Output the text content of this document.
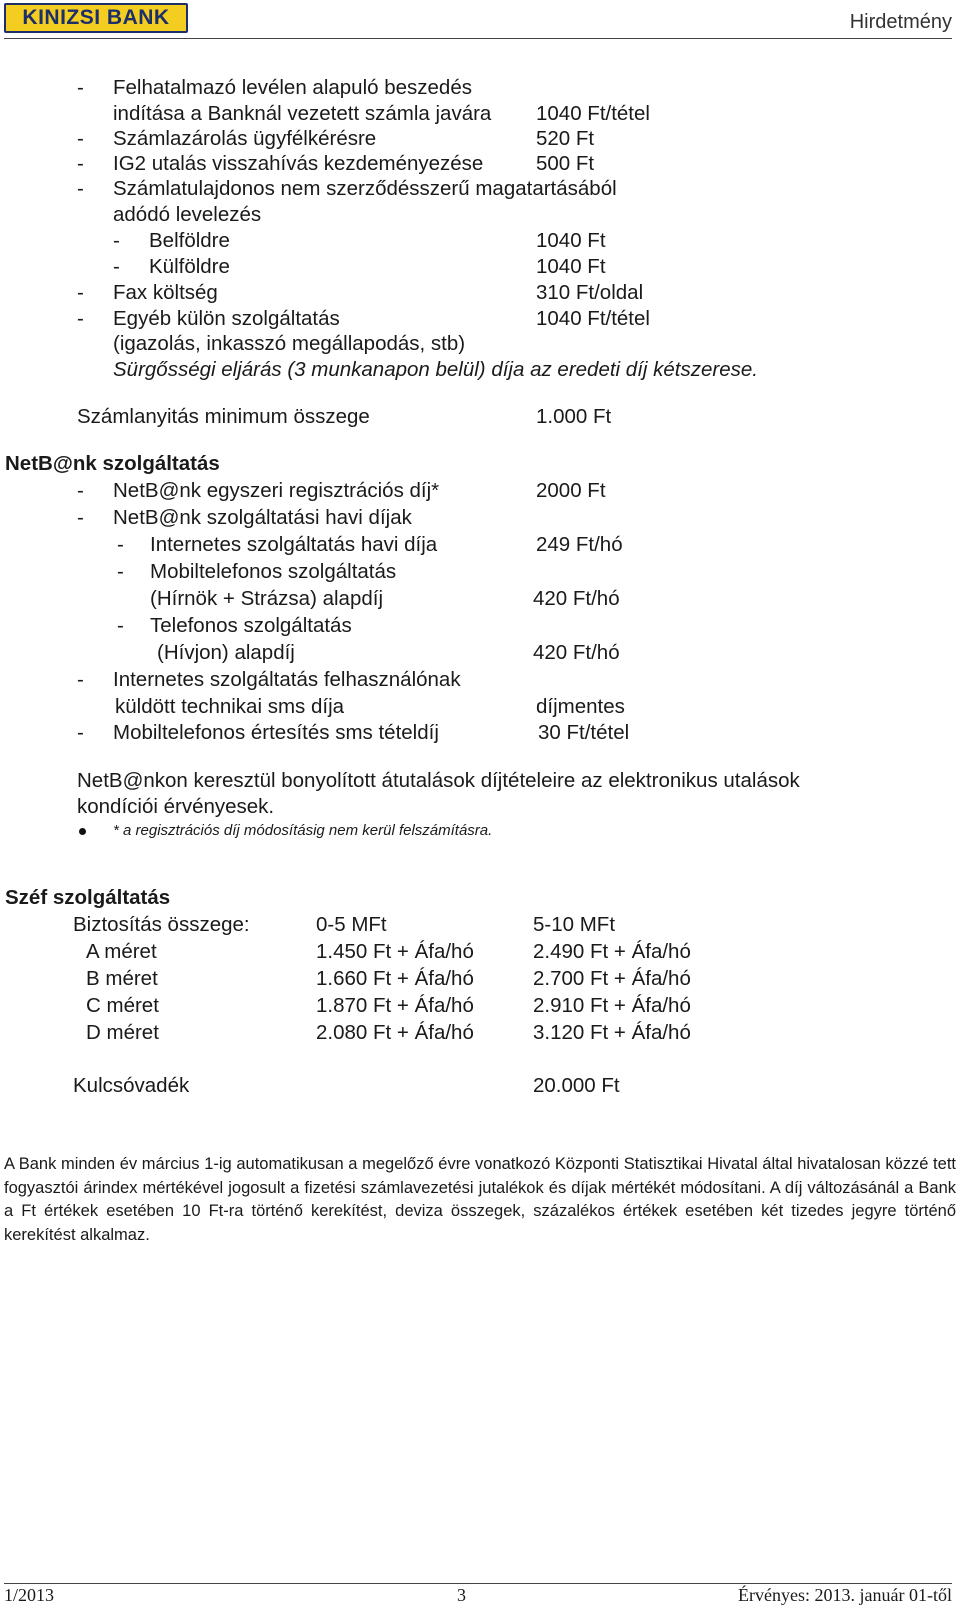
KINIZSI BANK	Hirdetmény
- Felhatalmazó levélen alapuló beszedés
indítása a Banknál vezetett számla javára 1040 Ft/tétel
- Számlazárolás ügyfélkérésre	520 Ft
- IG2 utalás visszahívás kezdeményezése	500 Ft
- Számlatulajdonos nem szerződésszerű magatartásából
adódó levelezés
- Belföldre	1040 Ft
- Külföldre	1040 Ft
- Fax költség	310 Ft/oldal
- Egyéb külön szolgáltatás	1040 Ft/tétel
(igazolás, inkasszó megállapodás, stb)
Sürgősségi eljárás (3 munkanapon belül) díja az eredeti díj kétszerese.
Számlanyitás minimum összege	1.000 Ft
NetB@nk szolgáltatás
- NetB@nk egyszeri regisztrációs díj*	2000 Ft
- NetB@nk szolgáltatási havi díjak
- Internetes szolgáltatás havi díja	249 Ft/hó
- Mobiltelefonos szolgáltatás
(Hírnök + Strázsa) alapdíj	420 Ft/hó
- Telefonos szolgáltatás
(Hívjon) alapdíj	420 Ft/hó
- Internetes szolgáltatás felhasználónak
küldött technikai sms díja	díjmentes
- Mobiltelefonos értesítés sms tételdíj	30 Ft/tétel
NetB@nkon keresztül bonyolított átutalások díjtételeire az elektronikus utalások
kondíciói érvényesek.
* a regisztrációs díj módosításig nem kerül felszámításra.
Széf szolgáltatás
Biztosítás összege:	0-5 MFt	5-10 MFt
A méret	1.450 Ft + Áfa/hó	2.490 Ft + Áfa/hó
B méret	1.660 Ft + Áfa/hó	2.700 Ft + Áfa/hó
C méret	1.870 Ft + Áfa/hó	2.910 Ft + Áfa/hó
D méret	2.080 Ft + Áfa/hó	3.120 Ft + Áfa/hó
Kulcsóvadék	20.000 Ft
A Bank minden év március 1-ig automatikusan a megelőző évre vonatkozó Központi Statisztikai Hivatal által hivatalosan közzé tett fogyasztói árindex mértékével jogosult a fizetési számlavezetési jutalékok és díjak mértékét módosítani. A díj változásánál a Bank a Ft értékek esetében 10 Ft-ra történő kerekítést, deviza összegek, százalékos értékek esetében két tizedes jegyre történő kerekítést alkalmaz.
1/2013	3	Érvényes: 2013. január 01-től
